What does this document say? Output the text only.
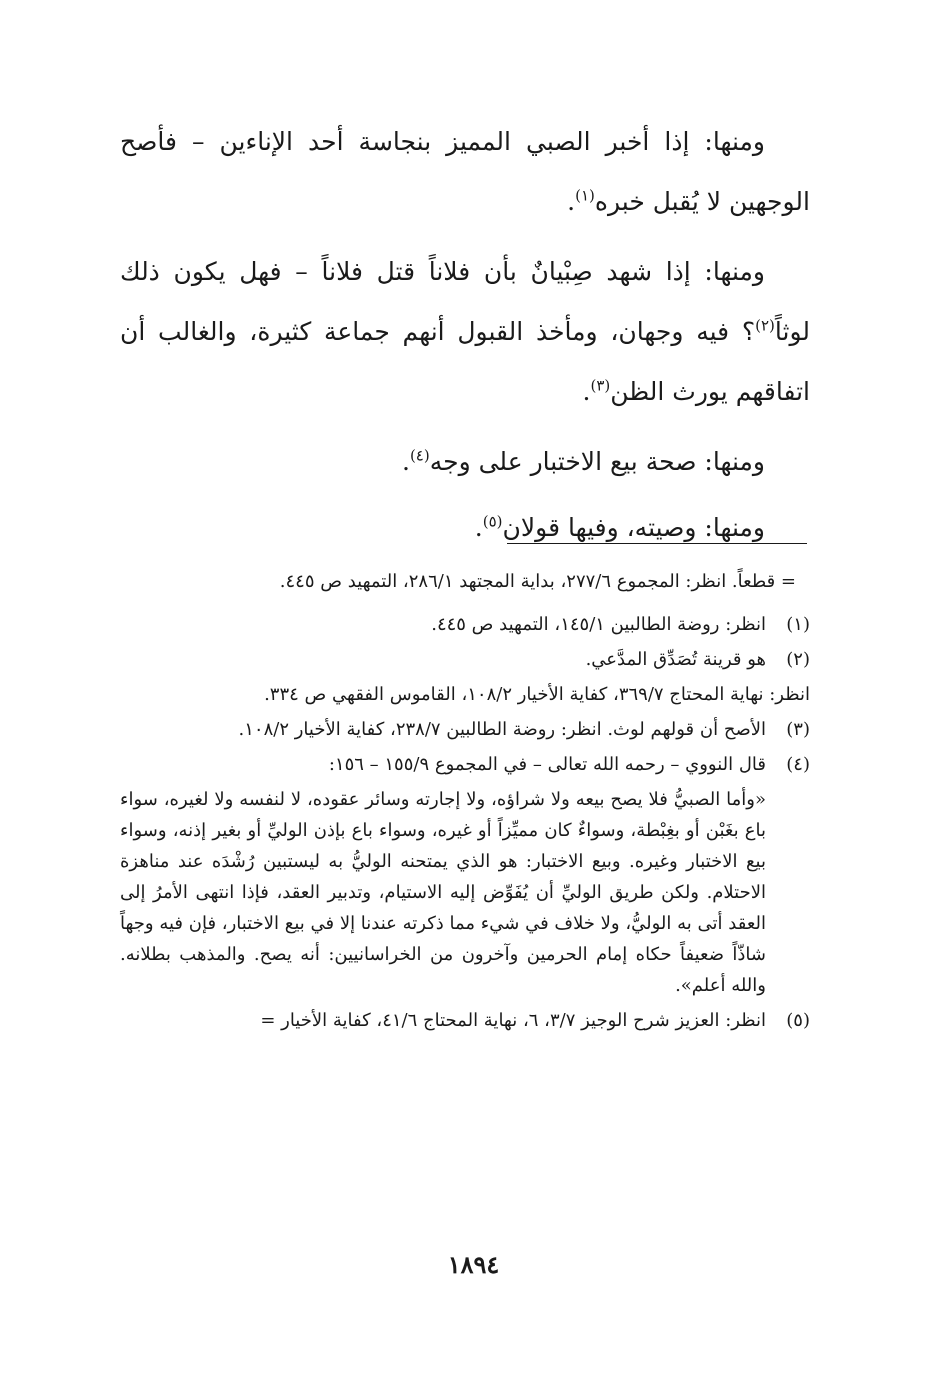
ومنها: إذا أخبر الصبي المميز بنجاسة أحد الإناءين – فأصح الوجهين لا يُقبل خبره$^{(١)}$.

ومنها: إذا شهد صِبْيانٌ بأن فلاناً قتل فلاناً – فهل يكون ذلك لوثاً$^{(٢)}$؟ فيه وجهان، ومأخذ القبول أنهم جماعة كثيرة، والغالب أن اتفاقهم يورث الظن$^{(٣)}$.

ومنها: صحة بيع الاختبار على وجه$^{(٤)}$.

ومنها: وصيته، وفيها قولان$^{(٥)}$.

= قطعاً. انظر: المجموع ٢٧٧/٦، بداية المجتهد ٢٨٦/١، التمهيد ص ٤٤٥.
(١)
انظر: روضة الطالبين ١٤٥/١، التمهيد ص ٤٤٥.
(٢)
هو قرينة تُصَدِّق المدَّعي.
انظر: نهاية المحتاج ٣٦٩/٧، كفاية الأخيار ١٠٨/٢، القاموس الفقهي ص ٣٣٤.
(٣)
الأصح أن قولهم لوث. انظر: روضة الطالبين ٢٣٨/٧، كفاية الأخيار ١٠٨/٢.
(٤)
قال النووي – رحمه الله تعالى – في المجموع ١٥٥/٩ – ١٥٦:
«وأما الصبيُّ فلا يصح بيعه ولا شراؤه، ولا إجارته وسائر عقوده، لا لنفسه ولا لغيره، سواء باع بغَبْن أو بغِبْطة، وسواءٌ كان مميِّزاً أو غيره، وسواء باع بإذن الوليِّ أو بغير إذنه، وسواء بيع الاختبار وغيره. وبيع الاختبار: هو الذي يمتحنه الوليُّ به ليستبين رُشْدَه عند مناهزة الاحتلام. ولكن طريق الوليِّ أن يُفَوِّض إليه الاستيام، وتدبير العقد، فإذا انتهى الأمرُ إلى العقد أتى به الوليُّ، ولا خلاف في شيء مما ذكرته عندنا إلا في بيع الاختبار، فإن فيه وجهاً شاذّاً ضعيفاً حكاه إمام الحرمين وآخرون من الخراسانيين: أنه يصح. والمذهب بطلانه. والله أعلم».
(٥)
انظر: العزيز شرح الوجيز ٣/٧، ٦، نهاية المحتاج ٤١/٦، كفاية الأخيار =
١٨٩٤
